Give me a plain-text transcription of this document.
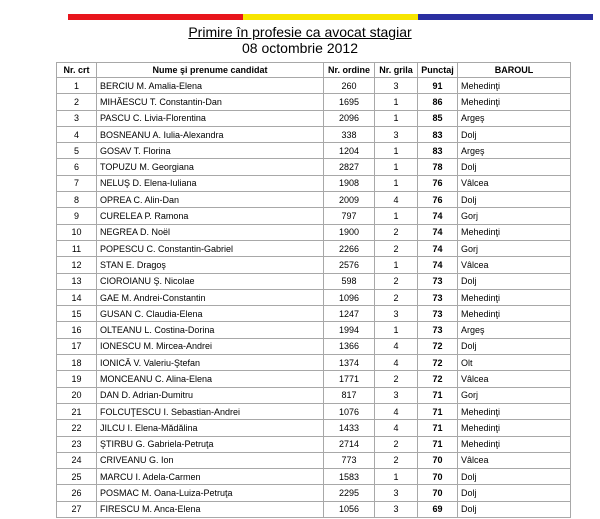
Primire în profesie ca avocat stagiar
08 octombrie 2012
Nr. crt	Nume şi prenume candidat	Nr. ordine	Nr. grila	Punctaj	BAROUL
1	BERCIU M. Amalia-Elena	260	3	91	Mehedinţi
2	MIHĂESCU T. Constantin-Dan	1695	1	86	Mehedinţi
3	PASCU C. Livia-Florentina	2096	1	85	Argeş
4	BOSNEANU A. Iulia-Alexandra	338	3	83	Dolj
5	GOSAV T. Florina	1204	1	83	Argeş
6	TOPUZU M. Georgiana	2827	1	78	Dolj
7	NELUŞ D. Elena-Iuliana	1908	1	76	Vâlcea
8	OPREA C. Alin-Dan	2009	4	76	Dolj
9	CURELEA P. Ramona	797	1	74	Gorj
10	NEGREA D. Noël	1900	2	74	Mehedinţi
11	POPESCU C. Constantin-Gabriel	2266	2	74	Gorj
12	STAN E. Dragoş	2576	1	74	Vâlcea
13	CIOROIANU Ş. Nicolae	598	2	73	Dolj
14	GAE M. Andrei-Constantin	1096	2	73	Mehedinţi
15	GUSAN C. Claudia-Elena	1247	3	73	Mehedinţi
16	OLTEANU L. Costina-Dorina	1994	1	73	Argeş
17	IONESCU M. Mircea-Andrei	1366	4	72	Dolj
18	IONICĂ V. Valeriu-Ştefan	1374	4	72	Olt
19	MONCEANU C. Alina-Elena	1771	2	72	Vâlcea
20	DAN D. Adrian-Dumitru	817	3	71	Gorj
21	FOLCUŢESCU I. Sebastian-Andrei	1076	4	71	Mehedinţi
22	JILCU I. Elena-Mădălina	1433	4	71	Mehedinţi
23	ŞTIRBU G. Gabriela-Petruţa	2714	2	71	Mehedinţi
24	CRIVEANU G. Ion	773	2	70	Vâlcea
25	MARCU I. Adela-Carmen	1583	1	70	Dolj
26	POSMAC M. Oana-Luiza-Petruţa	2295	3	70	Dolj
27	FIRESCU M. Anca-Elena	1056	3	69	Dolj
